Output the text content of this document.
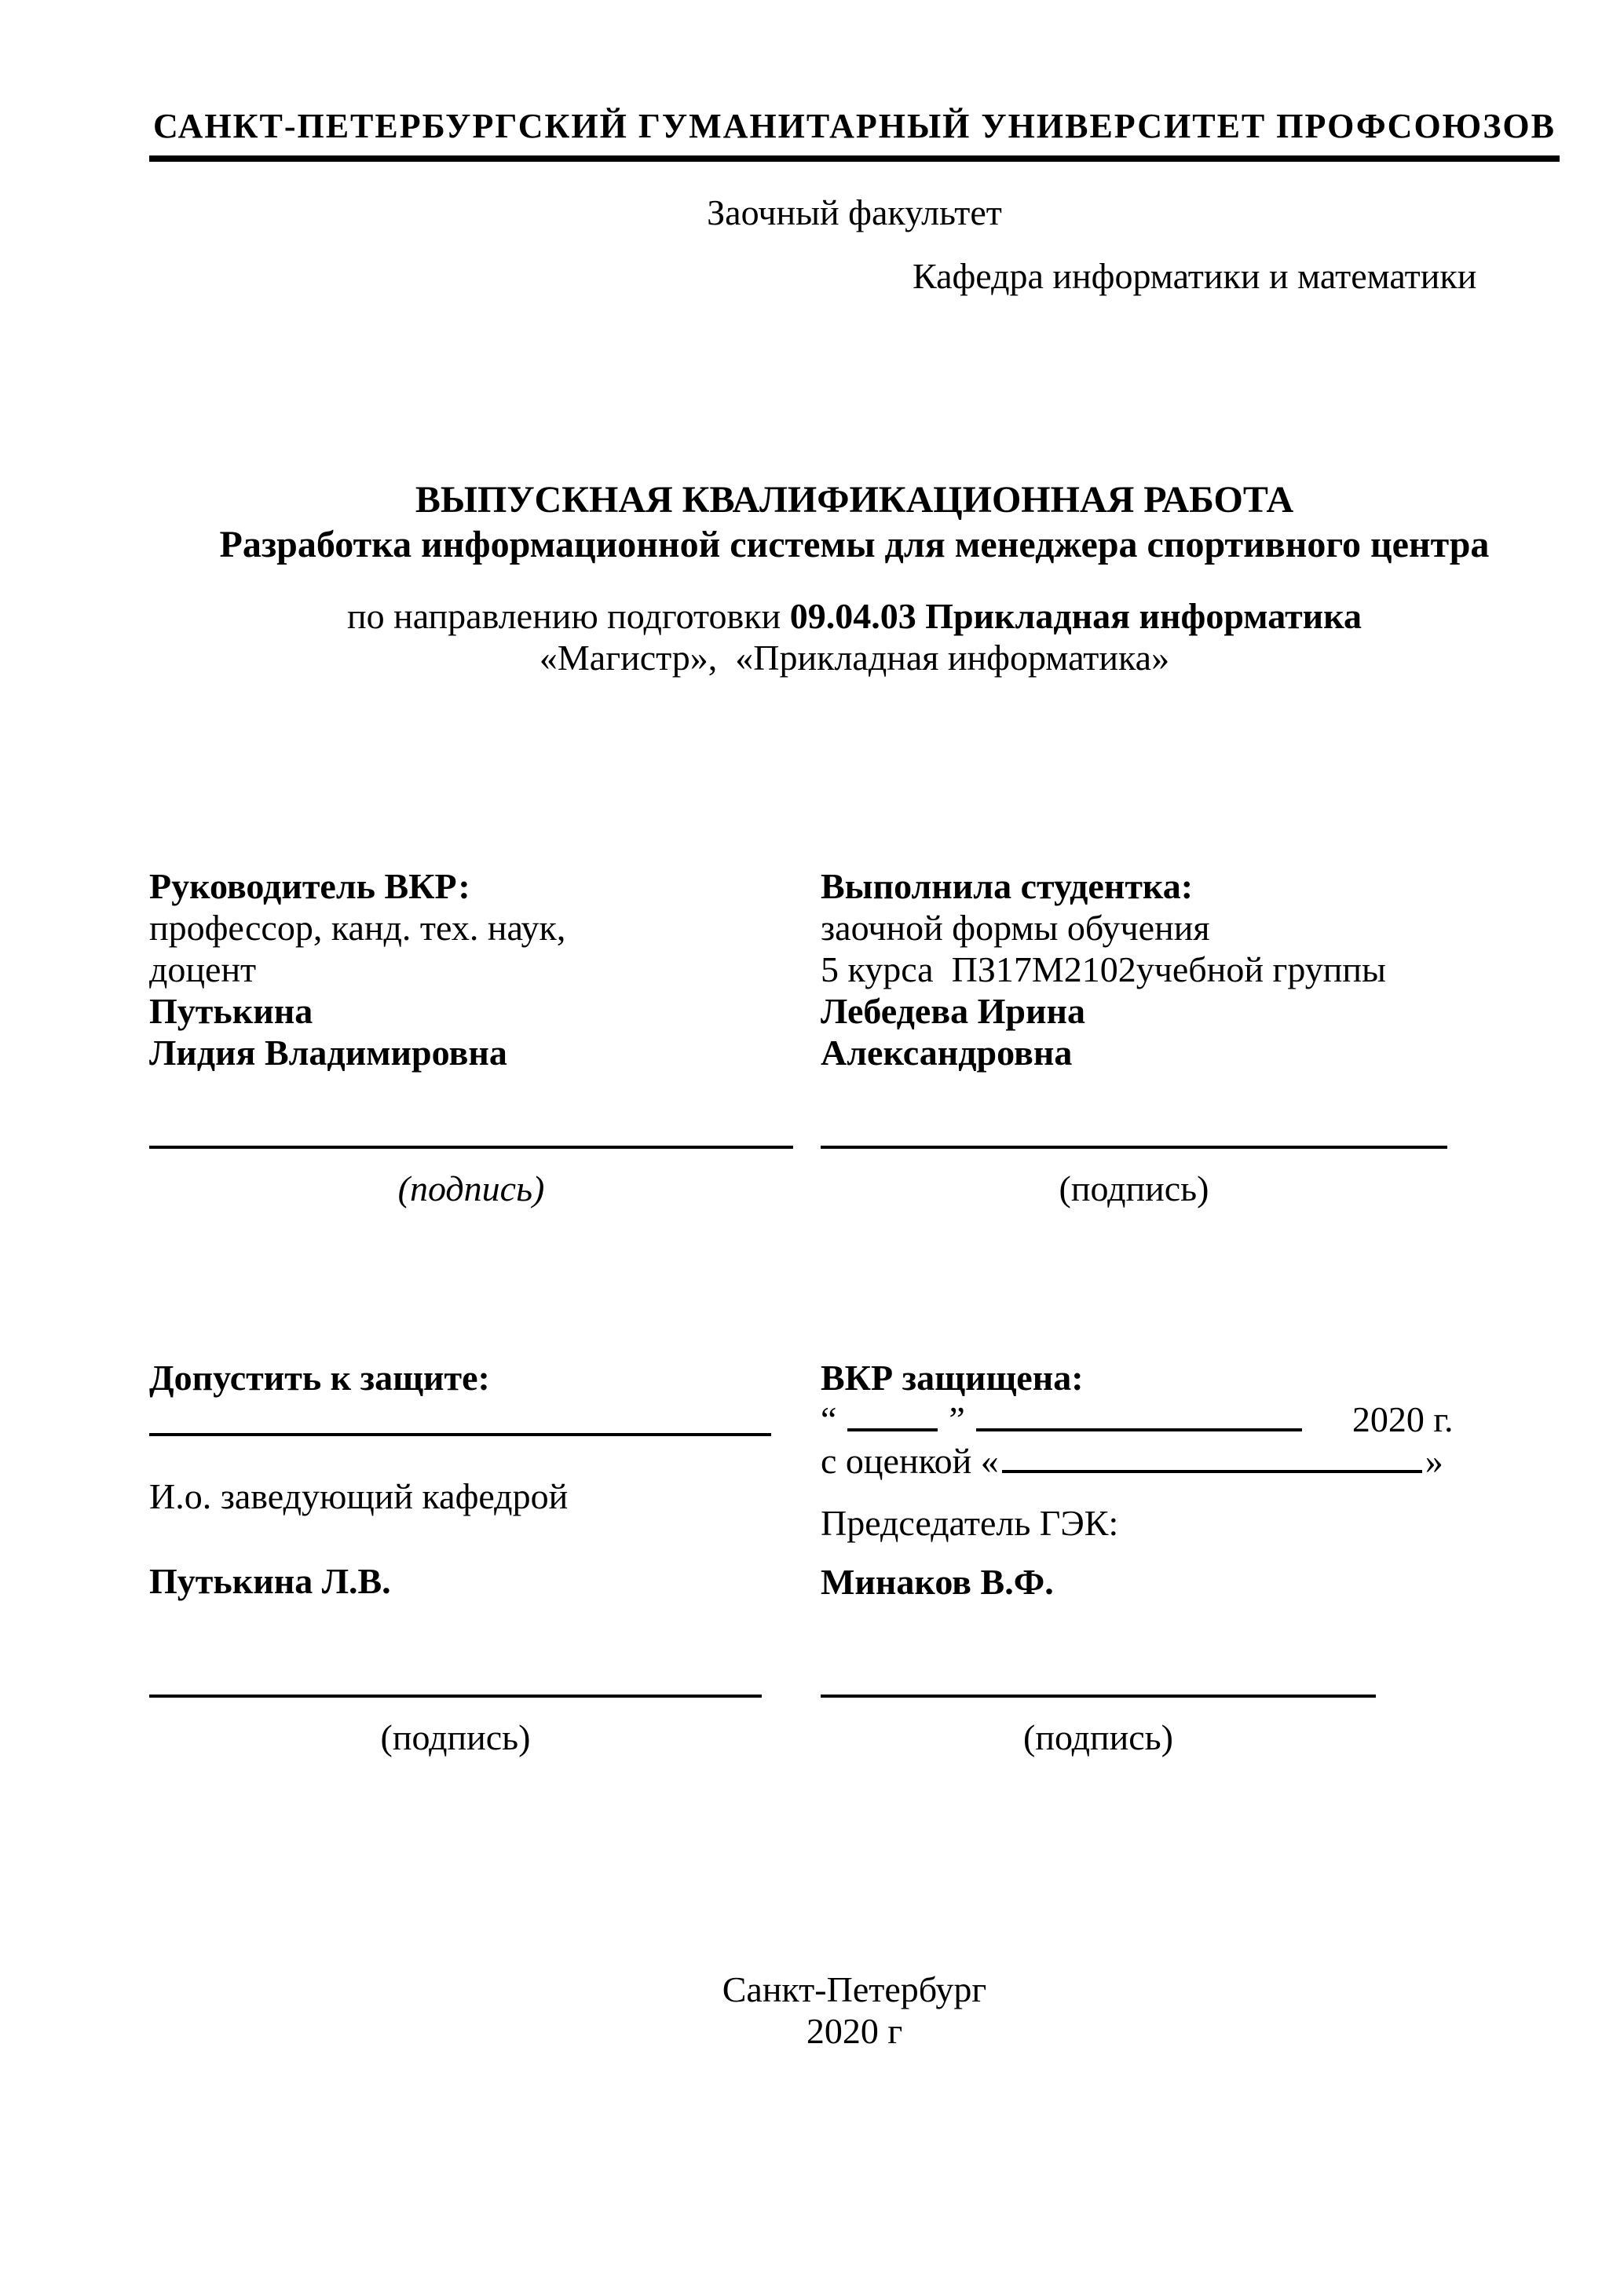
САНКТ-ПЕТЕРБУРГСКИЙ ГУМАНИТАРНЫЙ УНИВЕРСИТЕТ ПРОФСОЮЗОВ
Заочный факультет
Кафедра информатики и математики
ВЫПУСКНАЯ КВАЛИФИКАЦИОННАЯ РАБОТА
Разработка информационной системы для менеджера спортивного центра
по направлению подготовки 09.04.03 Прикладная информатика
«Магистр»,  «Прикладная информатика»
Руководитель ВКР:
профессор, канд. тех. наук,
доцент
Путькина
Лидия Владимировна
(подпись)
Выполнила студентка:
заочной формы обучения
5 курса  ПЗ17М2102учебной группы
Лебедева Ирина
Александровна
(подпись)
Допустить к защите:
И.о. заведующий кафедрой
Путькина Л.В.
(подпись)
ВКР защищена:
“	”	2020 г.
с оценкой «	»
Председатель ГЭК:
Минаков В.Ф.
(подпись)
Санкт-Петербург
2020 г
